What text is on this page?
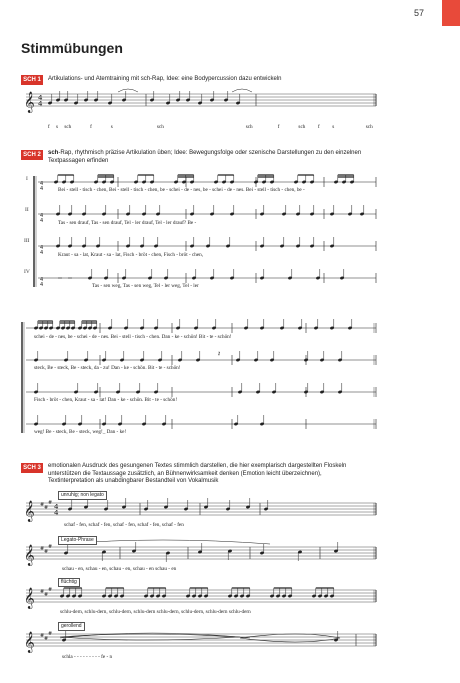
57
Stimmübungen
SCH 1	Artikulations- und Atemtraining mit sch-Rap, Idee: eine Bodypercussion dazu entwickeln
SCH 2	sch-Rap, rhythmisch präzise Artikulation üben; Idee: Bewegungsfolge oder szenische Darstellungen zu den einzelnen Textpassagen erfinden
SCH 3	emotionalen Ausdruck des gesungenen Textes stimmlich darstellen, die hier exemplarisch dargestellten Floskeln unterstützen die Textaussage zusätzlich, an Bühnenwirksamkeit denken (Emotion leicht überzeichnen), Textinterpretation als unabdingbarer Bestandteil von Vokalmusik
𝄞 4
4
4
4
4
4
4
4
4
4
𝄽
𝄞 # #
# 4
4
𝄞 # #
#
𝄞 # #
#
𝄞 # #
#
I
II
III
IV
f s sch	f	s	sch	sch	f	sch f s	sch
Bei - stell - tisch - chen, Bei - stell - tisch - chen, be - schei - de - nes, be - schei - de - nes. Bei - stell - tisch - chen, be -
Tas - sen drauf, Tas - sen drauf, Tel - ler drauf, Tel - ler drauf? Be -
Kraut - sa - lat, Kraut - sa - lat, Fisch - bröt - chen, Fisch - bröt - chen,
Tas - sen weg, Tas - sen weg, Tel - ler weg, Tel - ler
schei - de - nes, be - schei - de - nes. Bei - stell - tisch - chen. Dan - ke - schön! Bit - te - schön!
steck, Be - steck, Be - steck, da - zu! Dan - ke - schön. Bit - te - schön!
Fisch - bröt - chen, Kraut - sa - lat! Dan - ke - schön. Bit - te - schön!
weg! Be - steck, Be - steck, weg!_ Dan - ke!
unruhig; non legato
schaf - fen, schaf - fen, schaf - fen, schaf - fen, schaf - fen
Legato-Phrase
schau - en, schau - en, schau - en, schau - en schau - en
flüchtig
schlu-dern, schlu-dern, schlu-dern, schlu-dern schlu-dern, schlu-dern, schlu-dern schlu-dern
gerollend
schla - - - - - - - - - fe - n
